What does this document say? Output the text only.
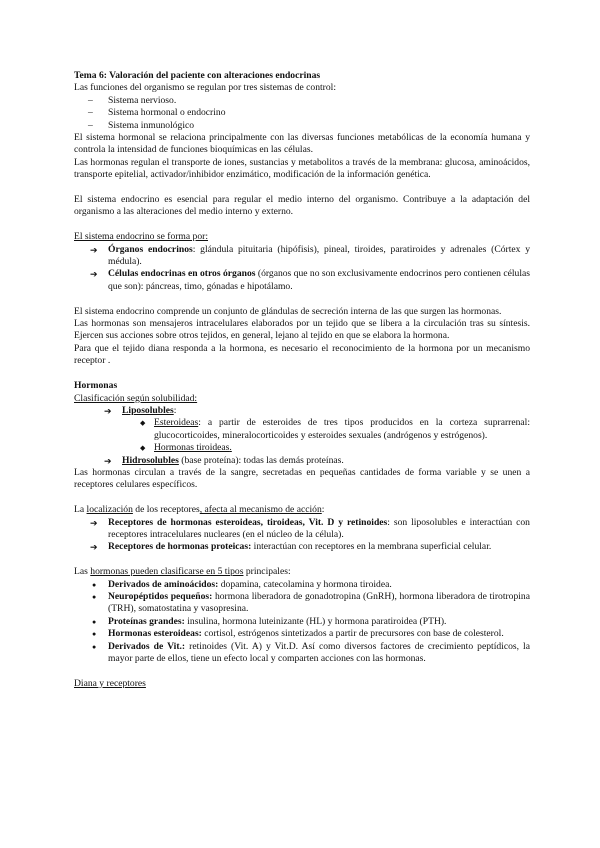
Tema 6: Valoración del paciente con alteraciones endocrinas

Las funciones del organismo se regulan por tres sistemas de control:

– Sistema nervioso.
– Sistema hormonal o endocrino
– Sistema inmunológico

El sistema hormonal se relaciona principalmente con las diversas funciones metabólicas de la economía humana y controla la intensidad de funciones bioquímicas en las células.

Las hormonas regulan el transporte de iones, sustancias y metabolitos a través de la membrana: glucosa, aminoácidos, transporte epitelial, activador/inhibidor enzimático, modificación de la información genética.

El sistema endocrino es esencial para regular el medio interno del organismo. Contribuye a la adaptación del organismo a las alteraciones del medio interno y externo.

El sistema endocrino se forma por:

➔ Órganos endocrinos: glándula pituitaria (hipófisis), pineal, tiroides, paratiroides y adrenales (Córtex y médula).
➔ Células endocrinas en otros órganos (órganos que no son exclusivamente endocrinos pero contienen células que son): páncreas, timo, gónadas e hipotálamo.

El sistema endocrino comprende un conjunto de glándulas de secreción interna de las que surgen las hormonas.

Las hormonas son mensajeros intracelulares elaborados por un tejido que se libera a la circulación tras su síntesis. Ejercen sus acciones sobre otros tejidos, en general, lejano al tejido en que se elabora la hormona.

Para que el tejido diana responda a la hormona, es necesario el reconocimiento de la hormona por un mecanismo receptor .

Hormonas

Clasificación según solubilidad:

➔ Liposolubles:
◆ Esteroideas: a partir de esteroides de tres tipos producidos en la corteza suprarrenal: glucocorticoides, mineralocorticoides y esteroides sexuales (andrógenos y estrógenos).
◆ Hormonas tiroideas.
➔ Hidrosolubles (base proteína): todas las demás proteínas.

Las hormonas circulan a través de la sangre, secretadas en pequeñas cantidades de forma variable y se unen a receptores celulares específicos.

La localización de los receptores, afecta al mecanismo de acción:

➔ Receptores de hormonas esteroideas, tiroideas, Vit. D y retinoides: son liposolubles e interactúan con receptores intracelulares nucleares (en el núcleo de la célula).
➔ Receptores de hormonas proteicas: interactúan con receptores en la membrana superficial celular.

Las hormonas pueden clasificarse en 5 tipos principales:

● Derivados de aminoácidos: dopamina, catecolamina y hormona tiroidea.
● Neuropéptidos pequeños: hormona liberadora de gonadotropina (GnRH), hormona liberadora de tirotropina (TRH), somatostatina y vasopresina.
● Proteínas grandes: insulina, hormona luteinizante (HL) y hormona paratiroidea (PTH).
● Hormonas esteroideas: cortisol, estrógenos sintetizados a partir de precursores con base de colesterol.
● Derivados de Vit.: retinoides (Vit. A) y Vit.D. Así como diversos factores de crecimiento peptídicos, la mayor parte de ellos, tiene un efecto local y comparten acciones con las hormonas.

Diana y receptores
